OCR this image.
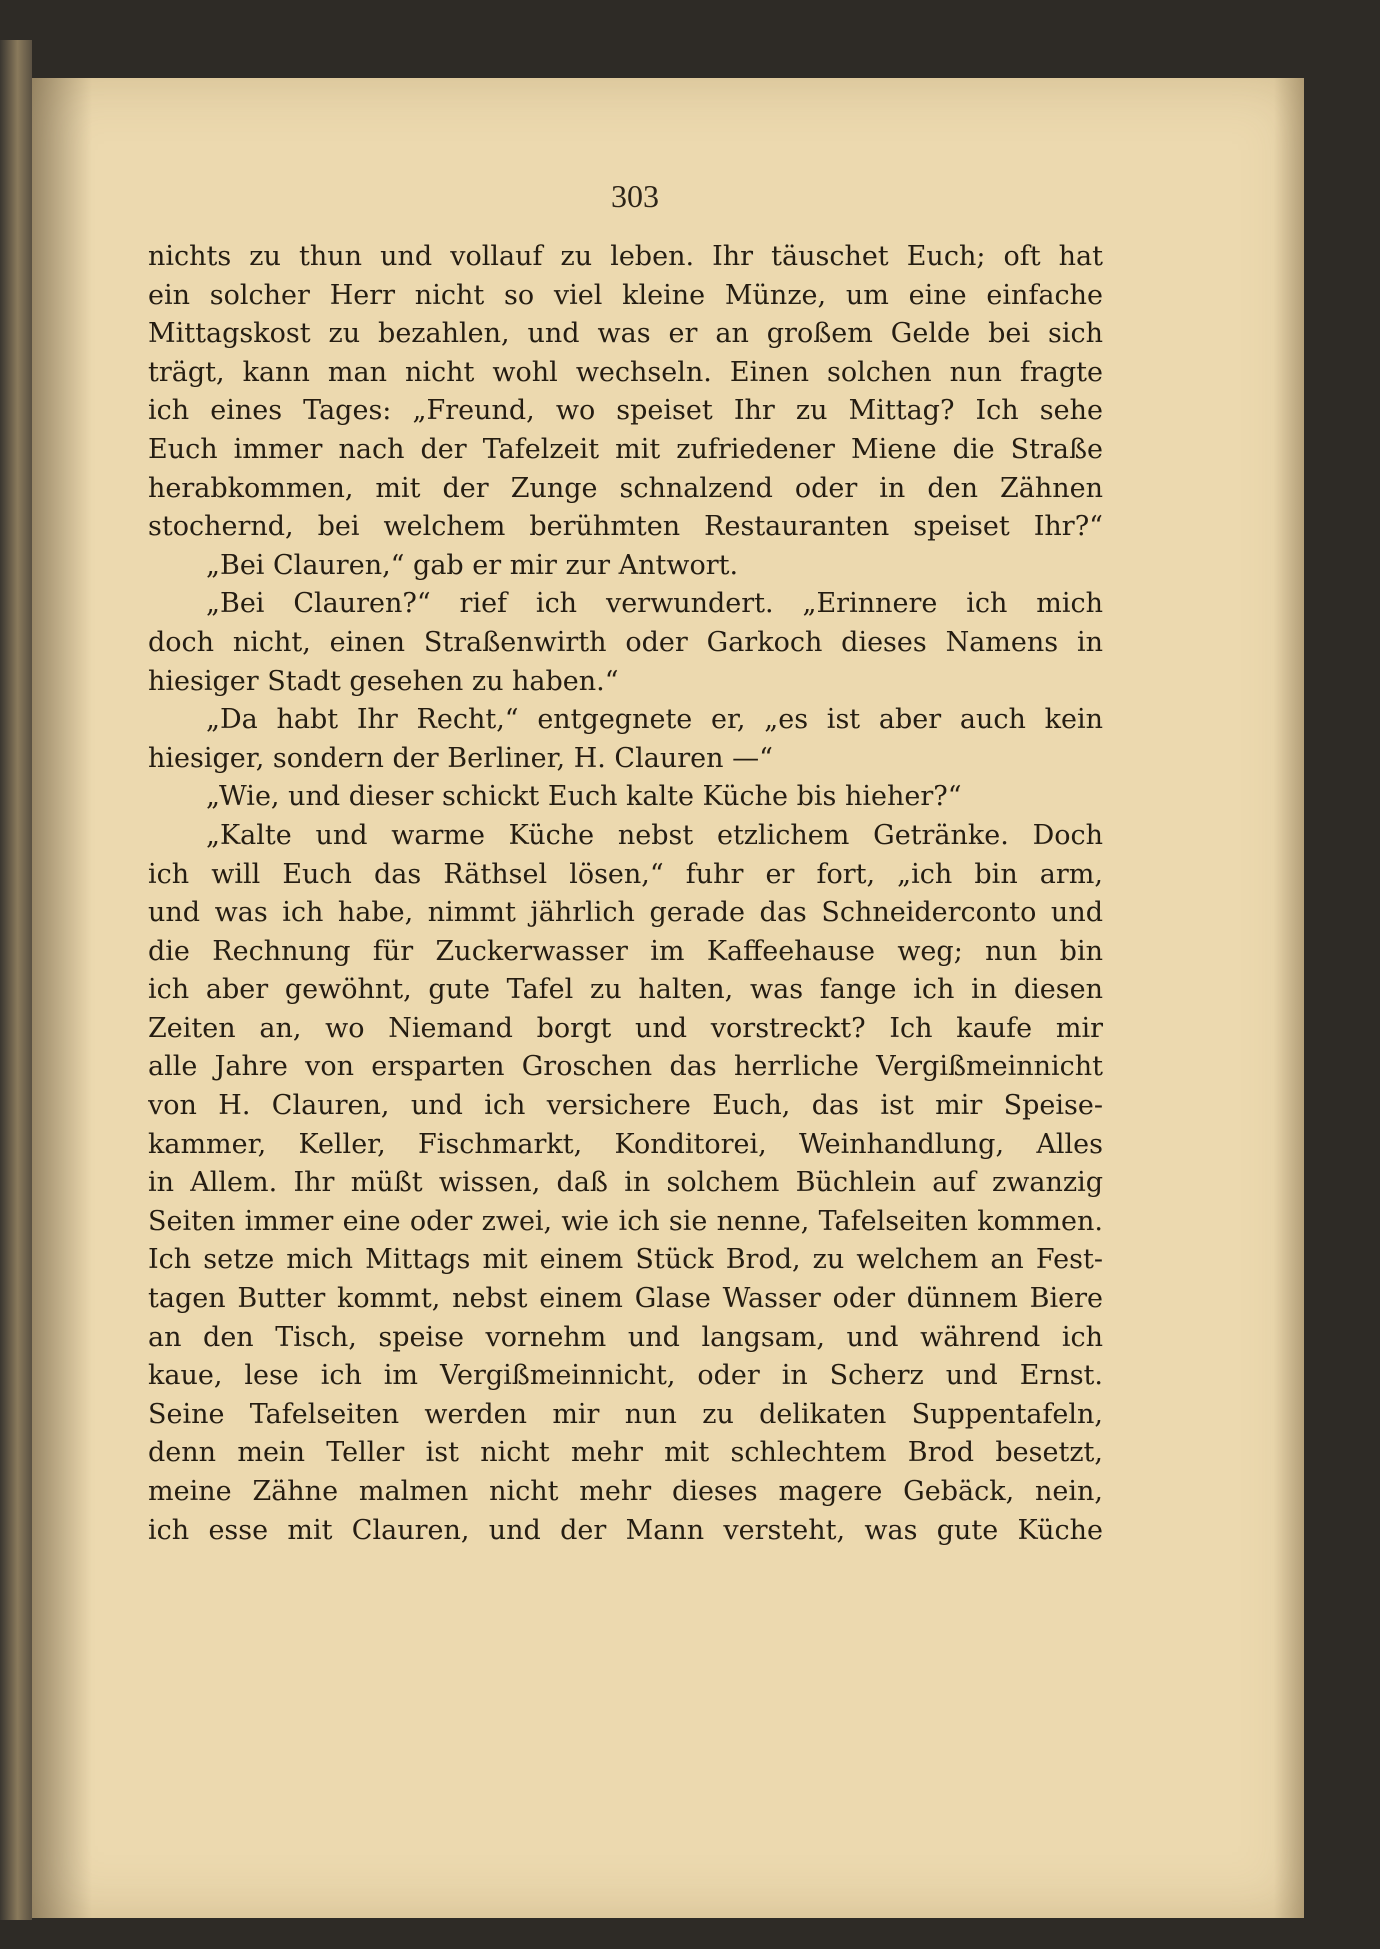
303
nichts zu thun und vollauf zu leben. Ihr täuschet Euch; oft hat
ein solcher Herr nicht so viel kleine Münze, um eine einfache
Mittagskost zu bezahlen, und was er an großem Gelde bei sich
trägt, kann man nicht wohl wechseln. Einen solchen nun fragte
ich eines Tages: „Freund, wo speiset Ihr zu Mittag? Ich sehe
Euch immer nach der Tafelzeit mit zufriedener Miene die Straße
herabkommen, mit der Zunge schnalzend oder in den Zähnen
stochernd, bei welchem berühmten Restauranten speiset Ihr?“
„Bei Clauren,“ gab er mir zur Antwort.
„Bei Clauren?“ rief ich verwundert. „Erinnere ich mich
doch nicht, einen Straßenwirth oder Garkoch dieses Namens in
hiesiger Stadt gesehen zu haben.“
„Da habt Ihr Recht,“ entgegnete er, „es ist aber auch kein
hiesiger, sondern der Berliner, H. Clauren —“
„Wie, und dieser schickt Euch kalte Küche bis hieher?“
„Kalte und warme Küche nebst etzlichem Getränke. Doch
ich will Euch das Räthsel lösen,“ fuhr er fort, „ich bin arm,
und was ich habe, nimmt jährlich gerade das Schneiderconto und
die Rechnung für Zuckerwasser im Kaffeehause weg; nun bin
ich aber gewöhnt, gute Tafel zu halten, was fange ich in diesen
Zeiten an, wo Niemand borgt und vorstreckt? Ich kaufe mir
alle Jahre von ersparten Groschen das herrliche Vergißmeinnicht
von H. Clauren, und ich versichere Euch, das ist mir Speise-
kammer, Keller, Fischmarkt, Konditorei, Weinhandlung, Alles
in Allem. Ihr müßt wissen, daß in solchem Büchlein auf zwanzig
Seiten immer eine oder zwei, wie ich sie nenne, Tafelseiten kommen.
Ich setze mich Mittags mit einem Stück Brod, zu welchem an Fest-
tagen Butter kommt, nebst einem Glase Wasser oder dünnem Biere
an den Tisch, speise vornehm und langsam, und während ich
kaue, lese ich im Vergißmeinnicht, oder in Scherz und Ernst.
Seine Tafelseiten werden mir nun zu delikaten Suppentafeln,
denn mein Teller ist nicht mehr mit schlechtem Brod besetzt,
meine Zähne malmen nicht mehr dieses magere Gebäck, nein,
ich esse mit Clauren, und der Mann versteht, was gute Küche
